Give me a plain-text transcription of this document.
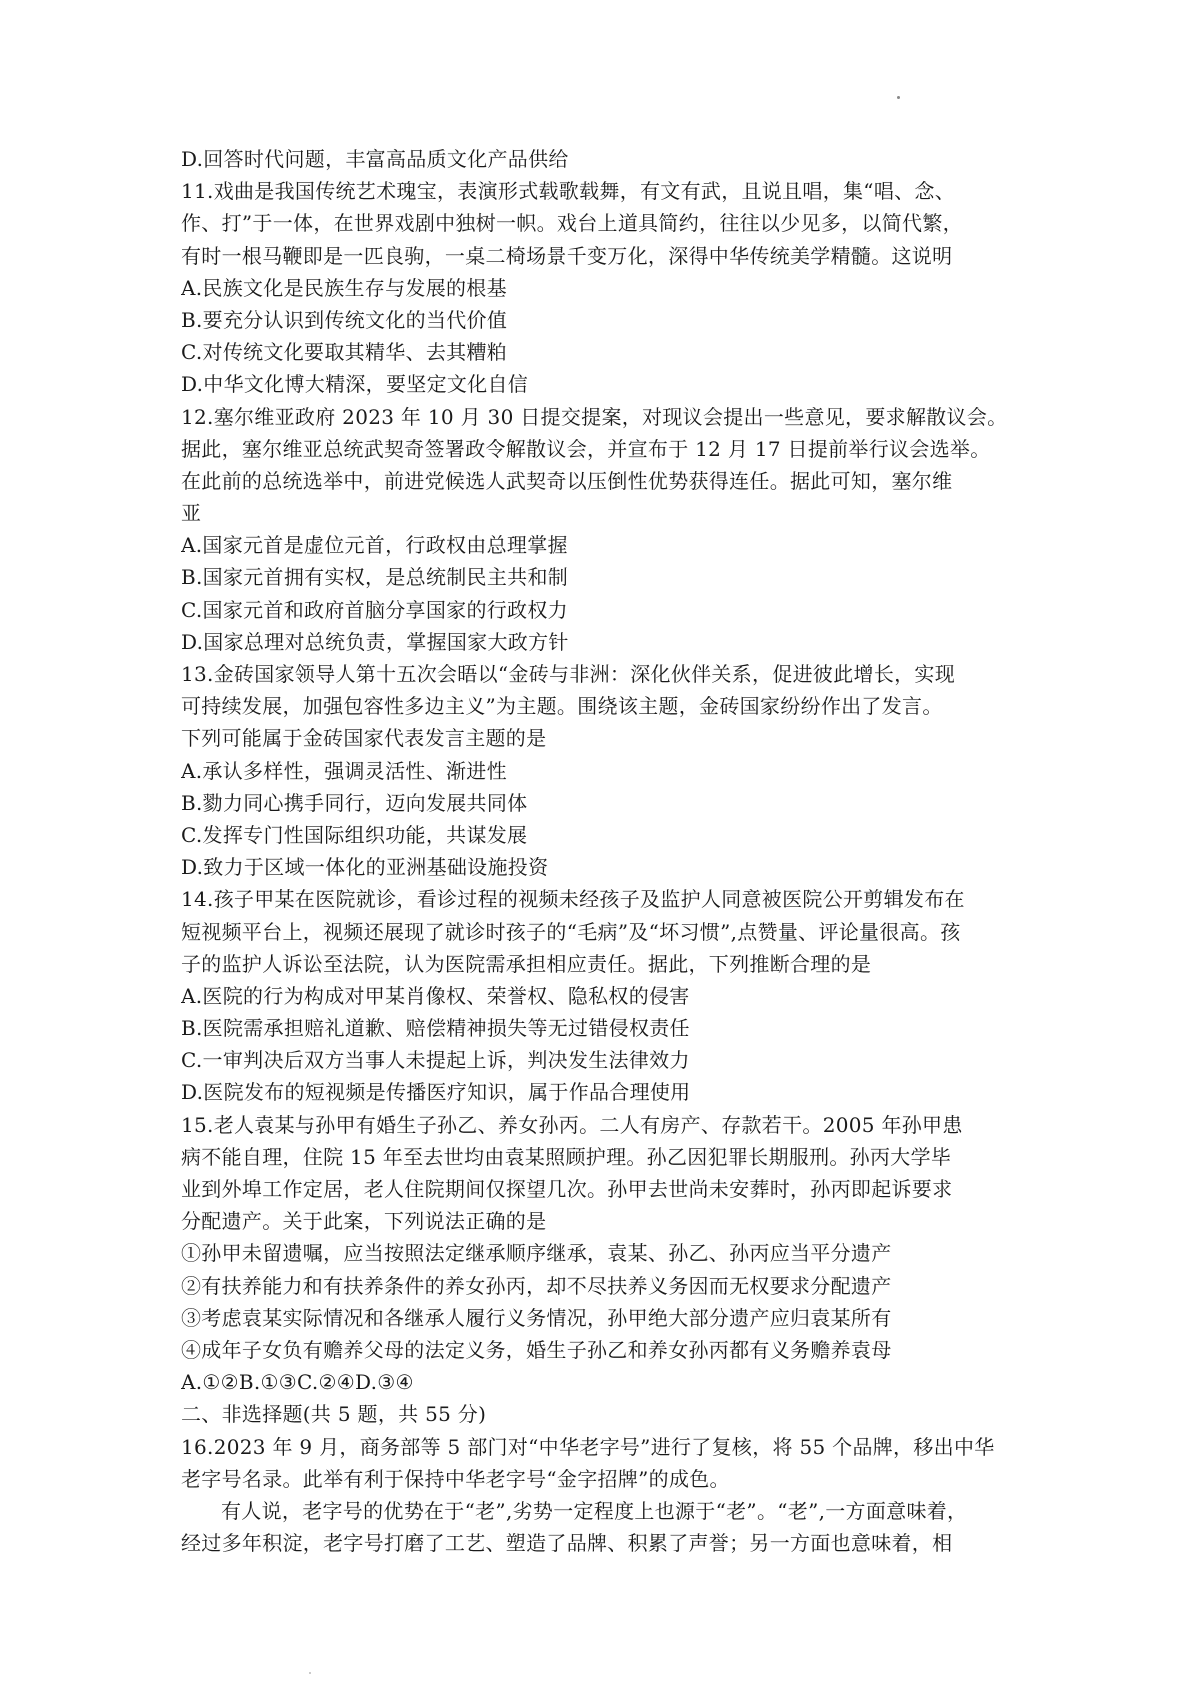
D.回答时代问题，丰富高品质文化产品供给
11.戏曲是我国传统艺术瑰宝，表演形式载歌载舞，有文有武，且说且唱，集“唱、念、
作、打”于一体，在世界戏剧中独树一帜。戏台上道具简约，往往以少见多，以简代繁，
有时一根马鞭即是一匹良驹，一桌二椅场景千变万化，深得中华传统美学精髓。这说明
A.民族文化是民族生存与发展的根基
B.要充分认识到传统文化的当代价值
C.对传统文化要取其精华、去其糟粕
D.中华文化博大精深，要坚定文化自信
12.塞尔维亚政府 2023 年 10 月 30 日提交提案，对现议会提出一些意见，要求解散议会。
据此，塞尔维亚总统武契奇签署政令解散议会，并宣布于 12 月 17 日提前举行议会选举。
在此前的总统选举中，前进党候选人武契奇以压倒性优势获得连任。据此可知，塞尔维
亚
A.国家元首是虚位元首，行政权由总理掌握
B.国家元首拥有实权，是总统制民主共和制
C.国家元首和政府首脑分享国家的行政权力
D.国家总理对总统负责，掌握国家大政方针
13.金砖国家领导人第十五次会晤以“金砖与非洲：深化伙伴关系，促进彼此增长，实现
可持续发展，加强包容性多边主义”为主题。围绕该主题，金砖国家纷纷作出了发言。
下列可能属于金砖国家代表发言主题的是
A.承认多样性，强调灵活性、渐进性
B.勠力同心携手同行，迈向发展共同体
C.发挥专门性国际组织功能，共谋发展
D.致力于区域一体化的亚洲基础设施投资
14.孩子甲某在医院就诊，看诊过程的视频未经孩子及监护人同意被医院公开剪辑发布在
短视频平台上，视频还展现了就诊时孩子的“毛病”及“坏习惯”,点赞量、评论量很高。孩
子的监护人诉讼至法院，认为医院需承担相应责任。据此，下列推断合理的是
A.医院的行为构成对甲某肖像权、荣誉权、隐私权的侵害
B.医院需承担赔礼道歉、赔偿精神损失等无过错侵权责任
C.一审判决后双方当事人未提起上诉，判决发生法律效力
D.医院发布的短视频是传播医疗知识，属于作品合理使用
15.老人袁某与孙甲有婚生子孙乙、养女孙丙。二人有房产、存款若干。2005 年孙甲患
病不能自理，住院 15 年至去世均由袁某照顾护理。孙乙因犯罪长期服刑。孙丙大学毕
业到外埠工作定居，老人住院期间仅探望几次。孙甲去世尚未安葬时，孙丙即起诉要求
分配遗产。关于此案，下列说法正确的是
①孙甲未留遗嘱，应当按照法定继承顺序继承，袁某、孙乙、孙丙应当平分遗产
②有扶养能力和有扶养条件的养女孙丙，却不尽扶养义务因而无权要求分配遗产
③考虑袁某实际情况和各继承人履行义务情况，孙甲绝大部分遗产应归袁某所有
④成年子女负有赡养父母的法定义务，婚生子孙乙和养女孙丙都有义务赡养袁母
A.①②B.①③C.②④D.③④
二、非选择题(共 5 题，共 55 分)
16.2023 年 9 月，商务部等 5 部门对“中华老字号”进行了复核，将 55 个品牌，移出中华
老字号名录。此举有利于保持中华老字号“金字招牌”的成色。
有人说，老字号的优势在于“老”,劣势一定程度上也源于“老”。“老”,一方面意味着，
经过多年积淀，老字号打磨了工艺、塑造了品牌、积累了声誉；另一方面也意味着，相
